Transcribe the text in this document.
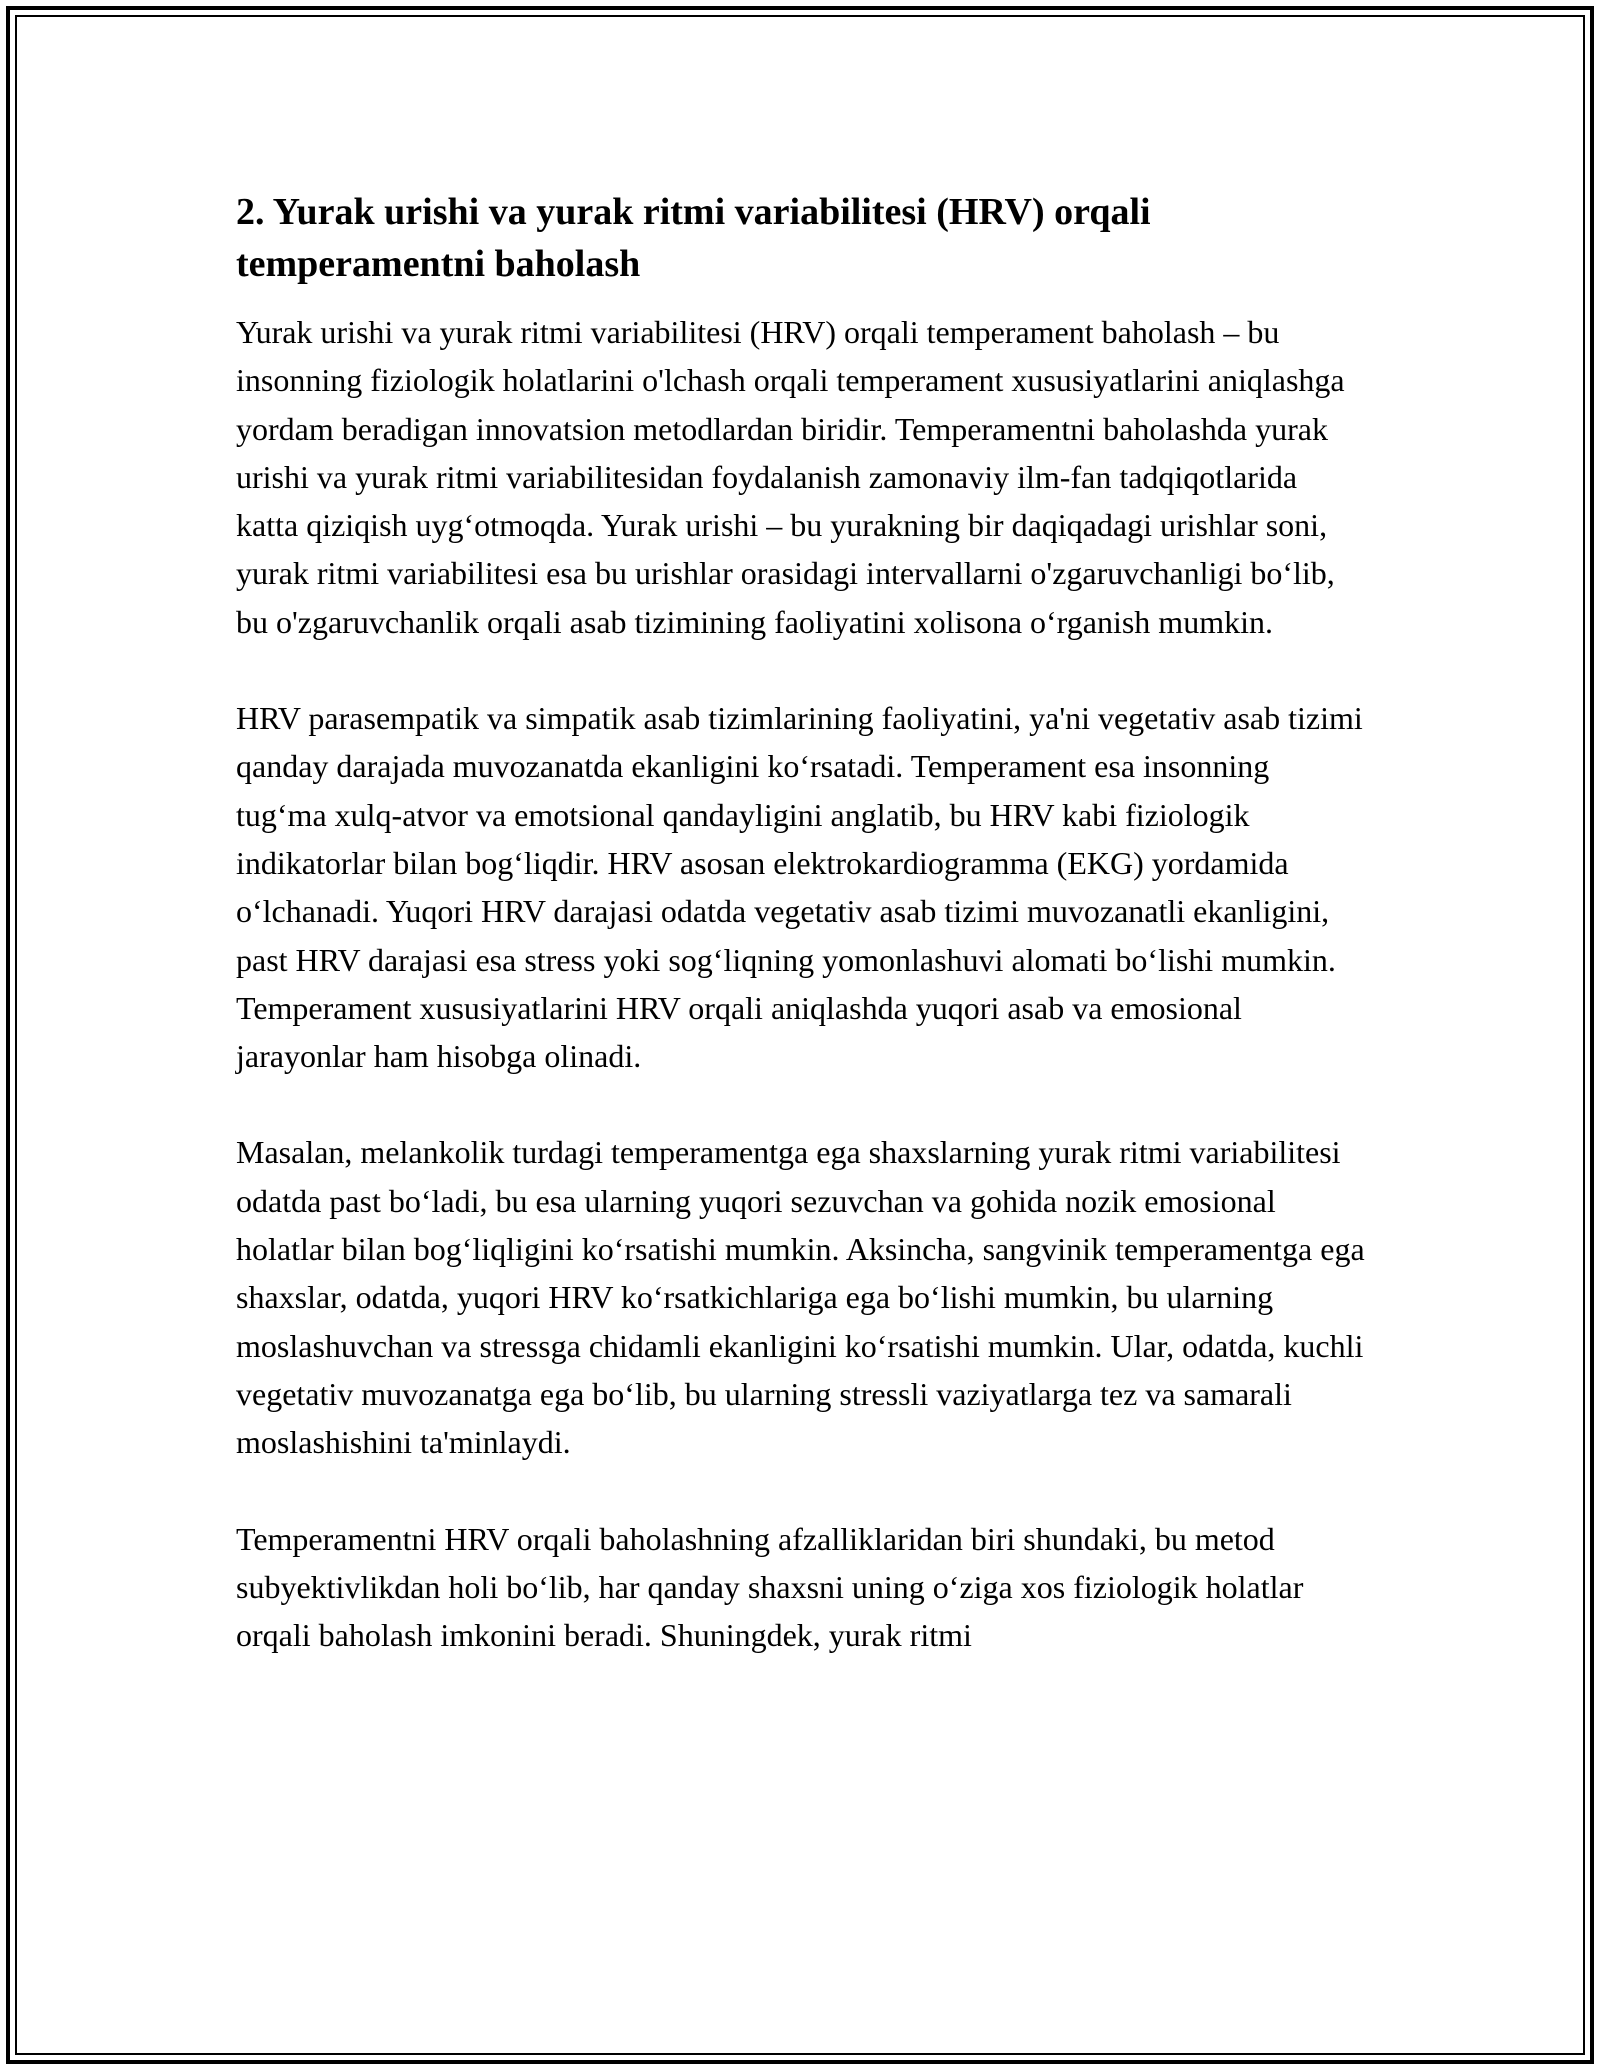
2. Yurak urishi va yurak ritmi variabilitesi (HRV) orqali temperamentni baholash

Yurak urishi va yurak ritmi variabilitesi (HRV) orqali temperament baholash – bu insonning fiziologik holatlarini o'lchash orqali temperament xususiyatlarini aniqlashga yordam beradigan innovatsion metodlardan biridir. Temperamentni baholashda yurak urishi va yurak ritmi variabilitesidan foydalanish zamonaviy ilm-fan tadqiqotlarida katta qiziqish uyg‘otmoqda. Yurak urishi – bu yurakning bir daqiqadagi urishlar soni, yurak ritmi variabilitesi esa bu urishlar orasidagi intervallarni o'zgaruvchanligi bo‘lib, bu o'zgaruvchanlik orqali asab tizimining faoliyatini xolisona o‘rganish mumkin.

HRV parasempatik va simpatik asab tizimlarining faoliyatini, ya'ni vegetativ asab tizimi qanday darajada muvozanatda ekanligini ko‘rsatadi. Temperament esa insonning tug‘ma xulq-atvor va emotsional qandayligini anglatib, bu HRV kabi fiziologik indikatorlar bilan bog‘liqdir. HRV asosan elektrokardiogramma (EKG) yordamida o‘lchanadi. Yuqori HRV darajasi odatda vegetativ asab tizimi muvozanatli ekanligini, past HRV darajasi esa stress yoki sog‘liqning yomonlashuvi alomati bo‘lishi mumkin. Temperament xususiyatlarini HRV orqali aniqlashda yuqori asab va emosional jarayonlar ham hisobga olinadi.

Masalan, melankolik turdagi temperamentga ega shaxslarning yurak ritmi variabilitesi odatda past bo‘ladi, bu esa ularning yuqori sezuvchan va gohida nozik emosional holatlar bilan bog‘liqligini ko‘rsatishi mumkin. Aksincha, sangvinik temperamentga ega shaxslar, odatda, yuqori HRV ko‘rsatkichlariga ega bo‘lishi mumkin, bu ularning moslashuvchan va stressga chidamli ekanligini ko‘rsatishi mumkin. Ular, odatda, kuchli vegetativ muvozanatga ega bo‘lib, bu ularning stressli vaziyatlarga tez va samarali moslashishini ta'minlaydi.

Temperamentni HRV orqali baholashning afzalliklaridan biri shundaki, bu metod subyektivlikdan holi bo‘lib, har qanday shaxsni uning o‘ziga xos fiziologik holatlar orqali baholash imkonini beradi. Shuningdek, yurak ritmi
